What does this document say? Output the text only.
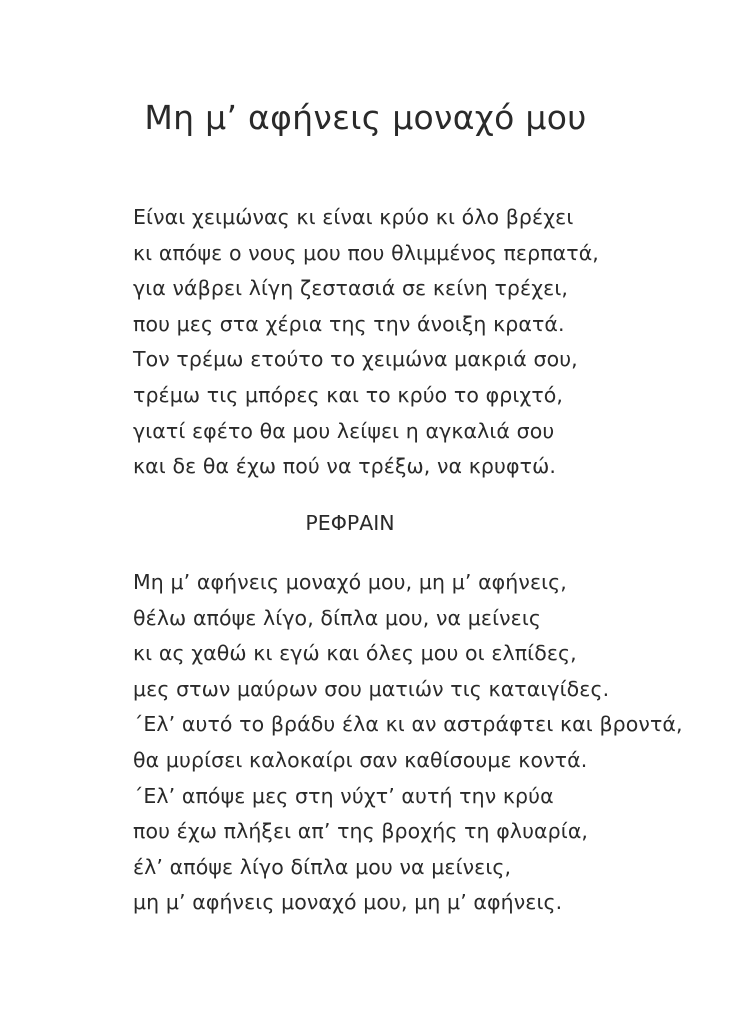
Μη μ’ αφήνεις μοναχό μου
Είναι χειμώνας κι είναι κρύο κι όλο βρέχει
κι απόψε ο νους μου που θλιμμένος περπατά,
για νάβρει λίγη ζεστασιά σε κείνη τρέχει,
που μες στα χέρια της την άνοιξη κρατά.
Τον τρέμω ετούτο το χειμώνα μακριά σου,
τρέμω τις μπόρες και το κρύο το φριχτό,
γιατί εφέτο θα μου λείψει η αγκαλιά σου
και δε θα έχω πού να τρέξω, να κρυφτώ.
ΡΕΦΡΑΙΝ
Μη μ’ αφήνεις μοναχό μου, μη μ’ αφήνεις,
θέλω απόψε λίγο, δίπλα μου, να μείνεις
κι ας χαθώ κι εγώ και όλες μου οι ελπίδες,
μες στων μαύρων σου ματιών τις καταιγίδες.
΄Ελ’ αυτό το βράδυ έλα κι αν αστράφτει και βροντά,
θα μυρίσει καλοκαίρι σαν καθίσουμε κοντά.
΄Ελ’ απόψε μες στη νύχτ’ αυτή την κρύα
που έχω πλήξει απ’ της βροχής τη φλυαρία,
έλ’ απόψε λίγο δίπλα μου να μείνεις,
μη μ’ αφήνεις μοναχό μου, μη μ’ αφήνεις.
